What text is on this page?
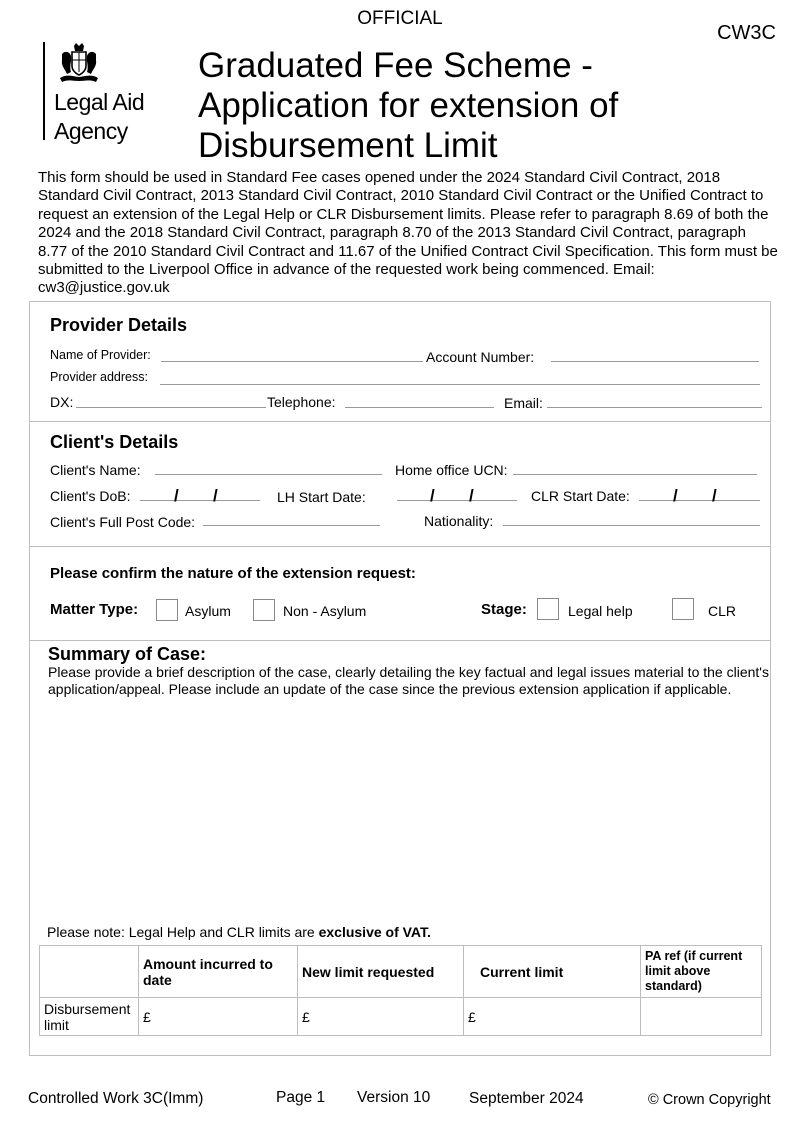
OFFICIAL
CW3C
Legal Aid
Agency
Graduated Fee Scheme -
Application for extension of
Disbursement Limit
This form should be used in Standard Fee cases opened under the 2024 Standard Civil Contract, 2018 Standard Civil Contract, 2013 Standard Civil Contract, 2010 Standard Civil Contract or the Unified Contract to request an extension of the Legal Help or CLR Disbursement limits. Please refer to paragraph 8.69 of both the 2024 and the 2018 Standard Civil Contract, paragraph 8.70 of the 2013 Standard Civil Contract, paragraph 8.77 of the 2010 Standard Civil Contract and 11.67 of the Unified Contract Civil Specification. This form must be submitted to the Liverpool Office in advance of the requested work being commenced. Email: cw3@justice.gov.uk
Provider Details
Name of Provider:	Account Number:
Provider address:
DX:	Telephone:	Email:
Client's Details
Client's Name:	Home office UCN:
Client's DoB:	/ /	LH Start Date:	/ /	CLR Start Date:	/ /
Client's Full Post Code:	Nationality:
Please confirm the nature of the extension request:
Matter Type:	Asylum	Non - Asylum	Stage:	Legal help	CLR
Summary of Case:
Please provide a brief description of the case, clearly detailing the key factual and legal issues material to the client's application/appeal. Please include an update of the case since the previous extension application if applicable.
Please note: Legal Help and CLR limits are exclusive of VAT.
	Amount incurred to date	New limit requested	Current limit	PA ref (if current limit above standard)
Disbursement limit	£	£	£	
Controlled Work 3C(Imm)	Page 1 Version 10	September 2024	© Crown Copyright
